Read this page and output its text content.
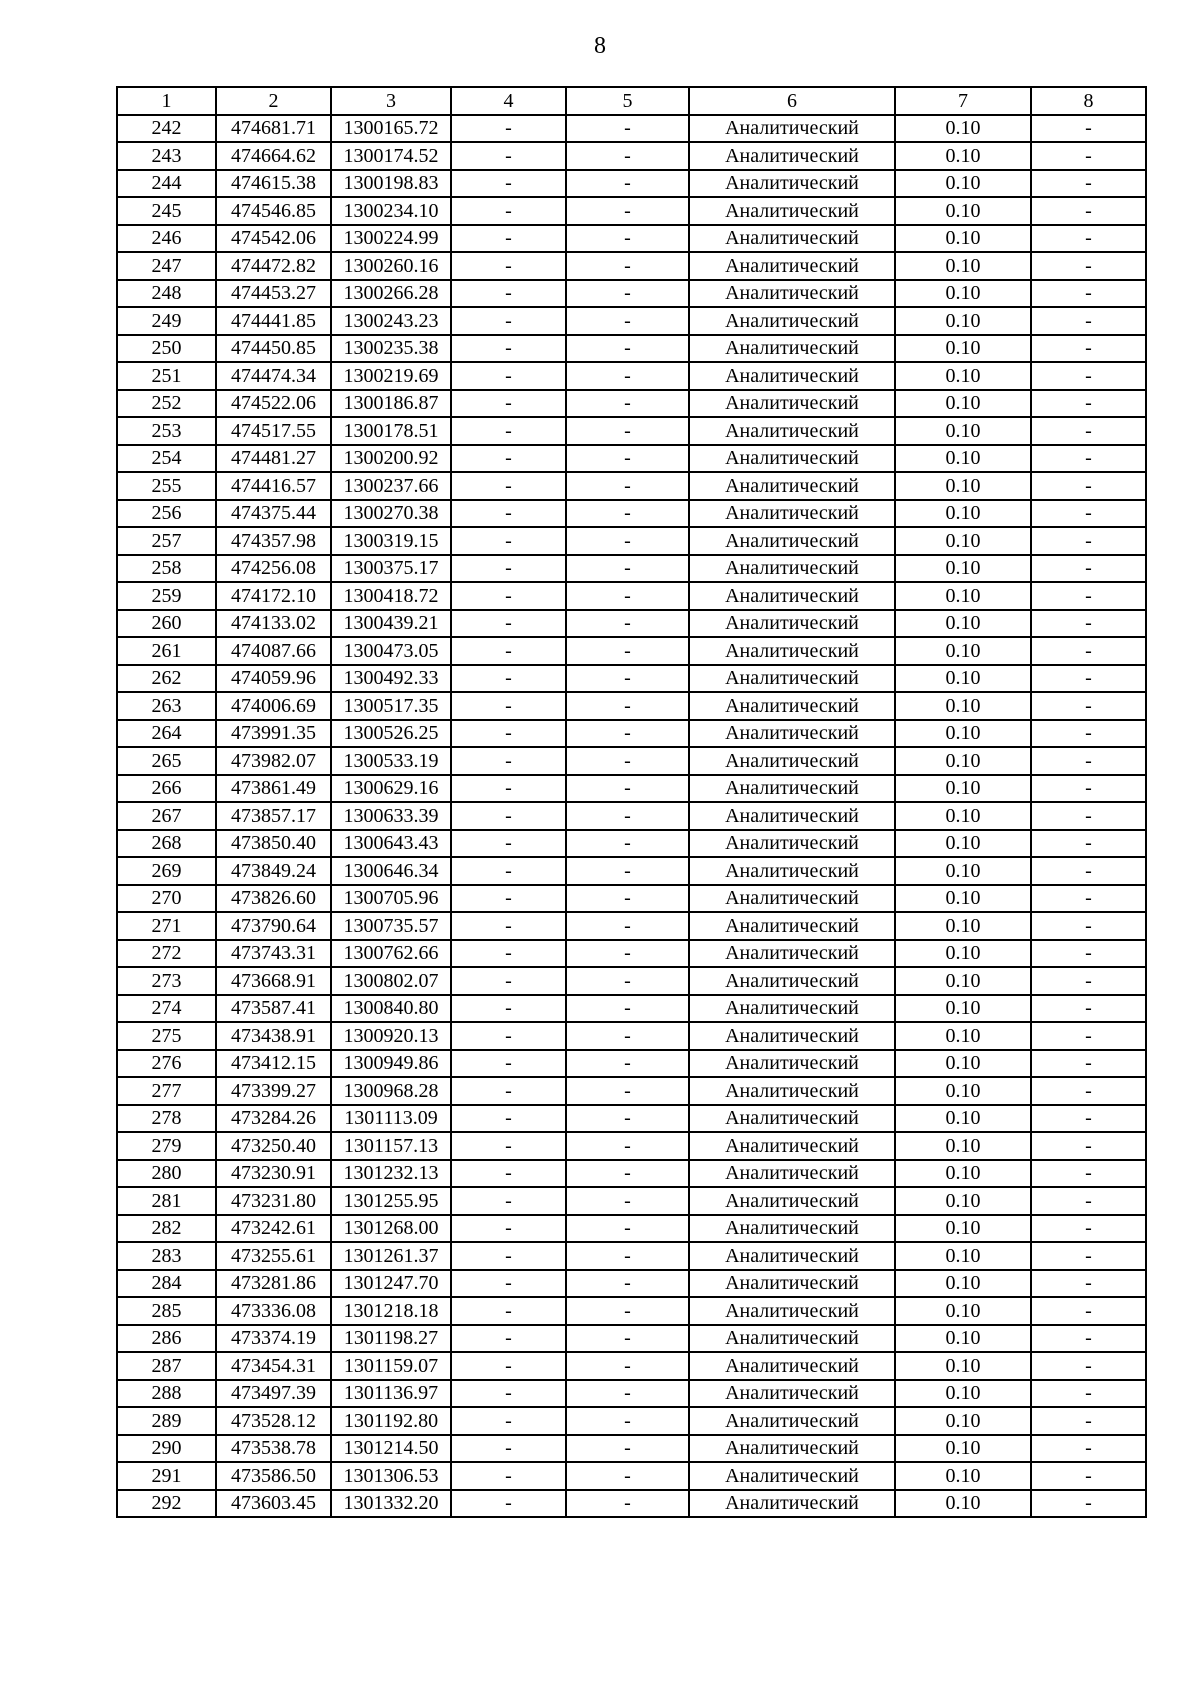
8
1	2	3	4	5	6	7	8
242	474681.71	1300165.72	-	-	Аналитический	0.10	-
243	474664.62	1300174.52	-	-	Аналитический	0.10	-
244	474615.38	1300198.83	-	-	Аналитический	0.10	-
245	474546.85	1300234.10	-	-	Аналитический	0.10	-
246	474542.06	1300224.99	-	-	Аналитический	0.10	-
247	474472.82	1300260.16	-	-	Аналитический	0.10	-
248	474453.27	1300266.28	-	-	Аналитический	0.10	-
249	474441.85	1300243.23	-	-	Аналитический	0.10	-
250	474450.85	1300235.38	-	-	Аналитический	0.10	-
251	474474.34	1300219.69	-	-	Аналитический	0.10	-
252	474522.06	1300186.87	-	-	Аналитический	0.10	-
253	474517.55	1300178.51	-	-	Аналитический	0.10	-
254	474481.27	1300200.92	-	-	Аналитический	0.10	-
255	474416.57	1300237.66	-	-	Аналитический	0.10	-
256	474375.44	1300270.38	-	-	Аналитический	0.10	-
257	474357.98	1300319.15	-	-	Аналитический	0.10	-
258	474256.08	1300375.17	-	-	Аналитический	0.10	-
259	474172.10	1300418.72	-	-	Аналитический	0.10	-
260	474133.02	1300439.21	-	-	Аналитический	0.10	-
261	474087.66	1300473.05	-	-	Аналитический	0.10	-
262	474059.96	1300492.33	-	-	Аналитический	0.10	-
263	474006.69	1300517.35	-	-	Аналитический	0.10	-
264	473991.35	1300526.25	-	-	Аналитический	0.10	-
265	473982.07	1300533.19	-	-	Аналитический	0.10	-
266	473861.49	1300629.16	-	-	Аналитический	0.10	-
267	473857.17	1300633.39	-	-	Аналитический	0.10	-
268	473850.40	1300643.43	-	-	Аналитический	0.10	-
269	473849.24	1300646.34	-	-	Аналитический	0.10	-
270	473826.60	1300705.96	-	-	Аналитический	0.10	-
271	473790.64	1300735.57	-	-	Аналитический	0.10	-
272	473743.31	1300762.66	-	-	Аналитический	0.10	-
273	473668.91	1300802.07	-	-	Аналитический	0.10	-
274	473587.41	1300840.80	-	-	Аналитический	0.10	-
275	473438.91	1300920.13	-	-	Аналитический	0.10	-
276	473412.15	1300949.86	-	-	Аналитический	0.10	-
277	473399.27	1300968.28	-	-	Аналитический	0.10	-
278	473284.26	1301113.09	-	-	Аналитический	0.10	-
279	473250.40	1301157.13	-	-	Аналитический	0.10	-
280	473230.91	1301232.13	-	-	Аналитический	0.10	-
281	473231.80	1301255.95	-	-	Аналитический	0.10	-
282	473242.61	1301268.00	-	-	Аналитический	0.10	-
283	473255.61	1301261.37	-	-	Аналитический	0.10	-
284	473281.86	1301247.70	-	-	Аналитический	0.10	-
285	473336.08	1301218.18	-	-	Аналитический	0.10	-
286	473374.19	1301198.27	-	-	Аналитический	0.10	-
287	473454.31	1301159.07	-	-	Аналитический	0.10	-
288	473497.39	1301136.97	-	-	Аналитический	0.10	-
289	473528.12	1301192.80	-	-	Аналитический	0.10	-
290	473538.78	1301214.50	-	-	Аналитический	0.10	-
291	473586.50	1301306.53	-	-	Аналитический	0.10	-
292	473603.45	1301332.20	-	-	Аналитический	0.10	-
